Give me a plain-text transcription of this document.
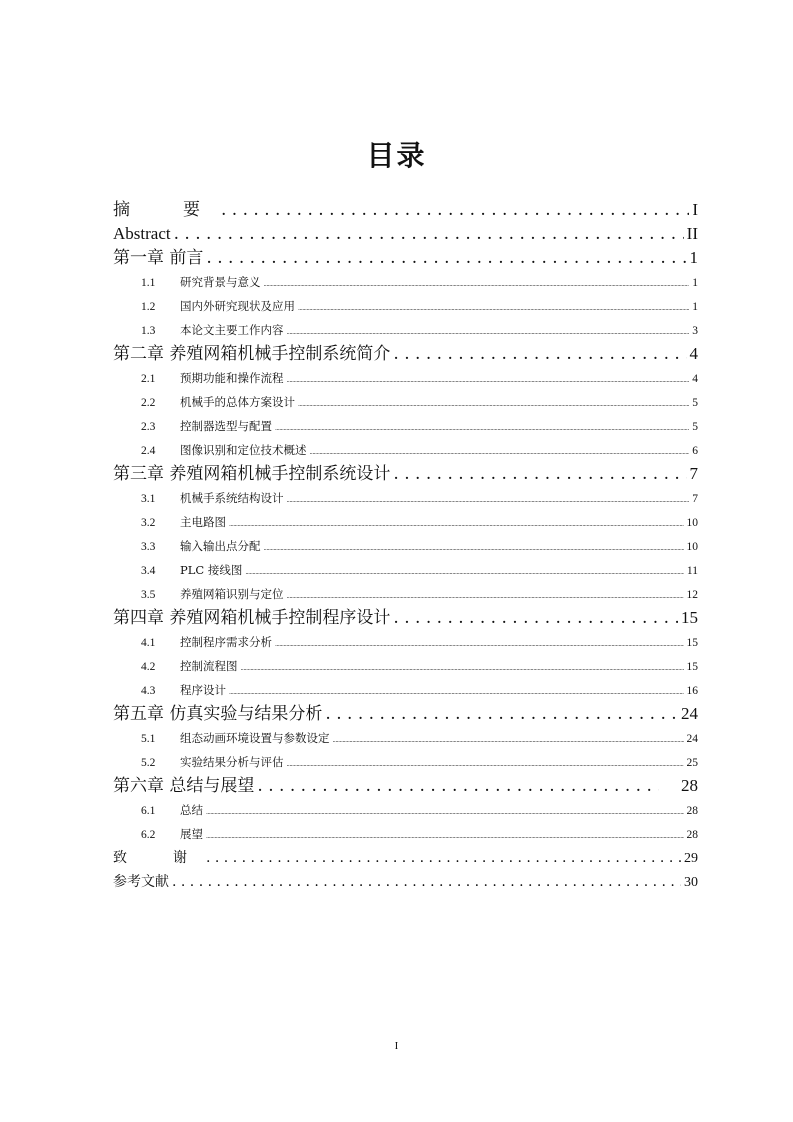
目录
摘　要 . . .	I
Abstract . . .	II
第一章 前言 . . .	1
1.1	研究背景与意义 .....	1
1.2	国内外研究现状及应用 .....	1
1.3	本论文主要工作内容 .....	3
第二章 养殖网箱机械手控制系统简介 . . .	4
2.1	预期功能和操作流程 .....	4
2.2	机械手的总体方案设计 .....	5
2.3	控制器选型与配置 .....	5
2.4	图像识别和定位技术概述 .....	6
第三章 养殖网箱机械手控制系统设计 . . .	7
3.1	机械手系统结构设计 .....	7
3.2	主电路图 .....	10
3.3	输入输出点分配 .....	10
3.4	PLC 接线图 .....	11
3.5	养殖网箱识别与定位 .....	12
第四章 养殖网箱机械手控制程序设计 . . .	15
4.1	控制程序需求分析 .....	15
4.2	控制流程图 .....	15
4.3	程序设计 .....	16
第五章 仿真实验与结果分析 . . .	24
5.1	组态动画环境设置与参数设定 .....	24
5.2	实验结果分析与评估 .....	25
第六章 总结与展望 . . .	28
6.1	总结 .....	28
6.2	展望 .....	28
致　谢 . . .	29
参考文献 . . .	30
I
